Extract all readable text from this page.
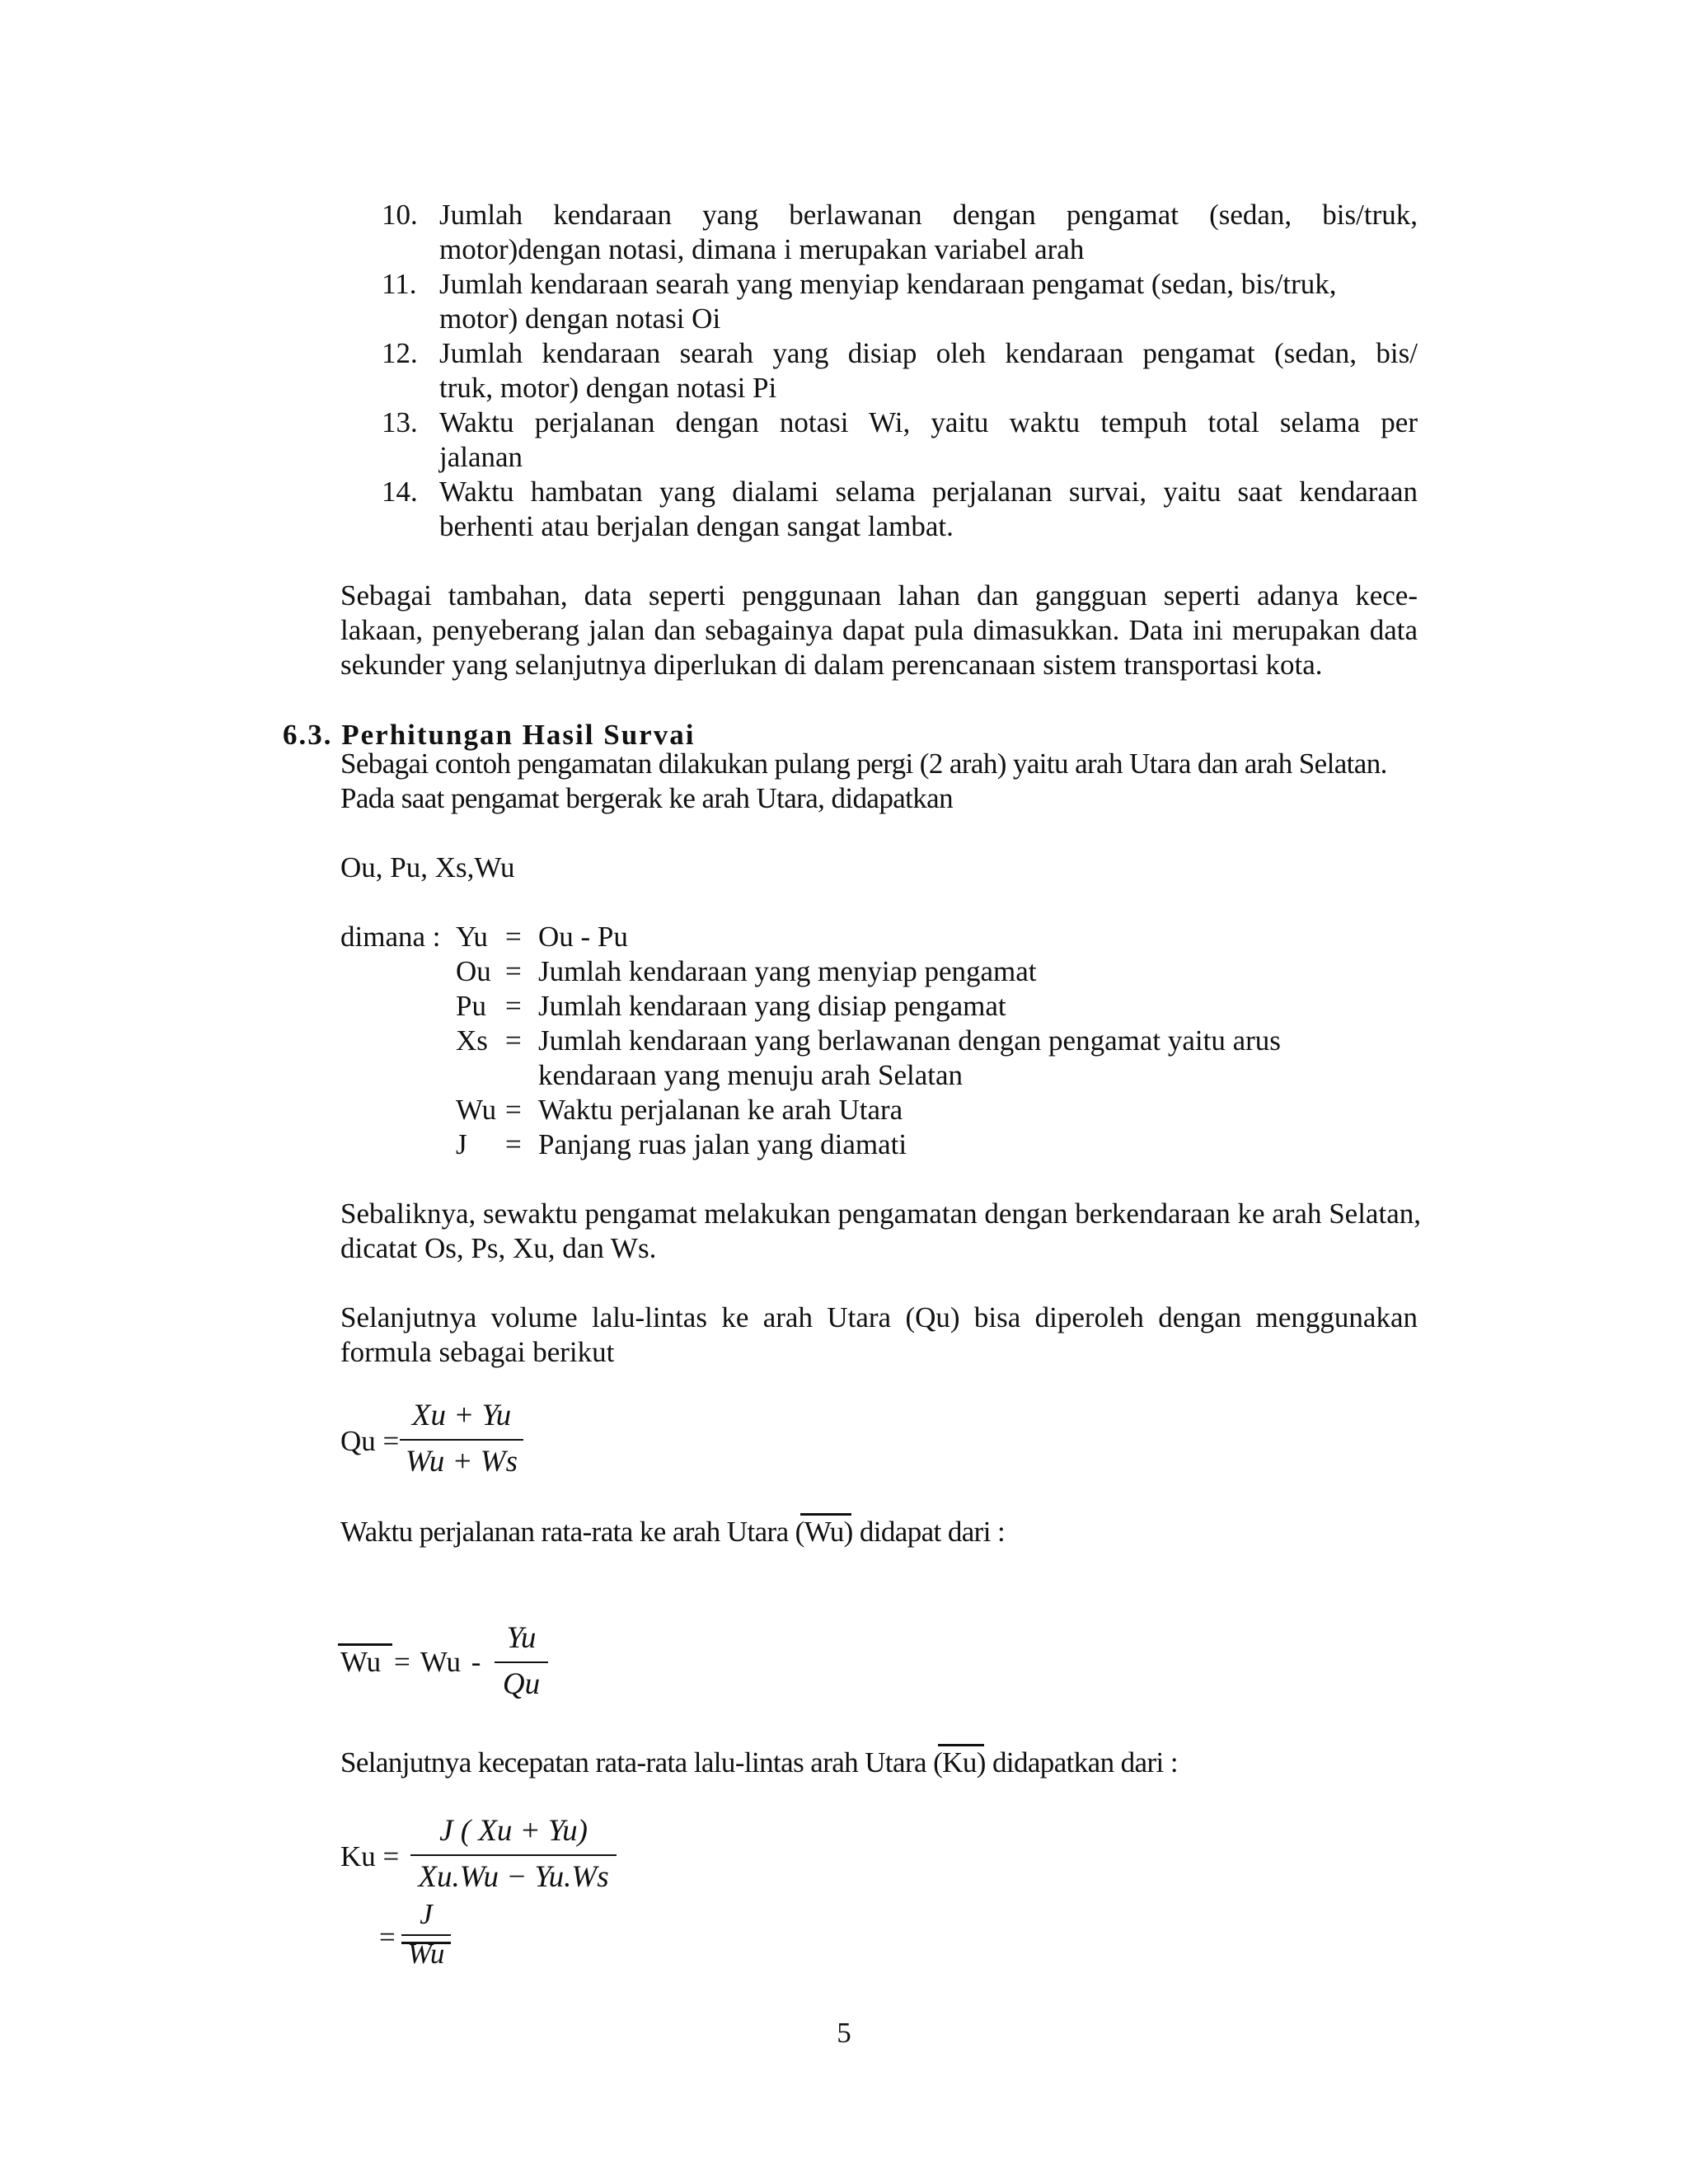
10. Jumlah kendaraan yang berlawanan dengan pengamat (sedan, bis/truk,
motor)dengan notasi, dimana i merupakan variabel arah
11. Jumlah kendaraan searah yang menyiap kendaraan pengamat (sedan, bis/truk,
motor) dengan notasi Oi
12. Jumlah kendaraan searah yang disiap oleh kendaraan pengamat (sedan, bis/
truk, motor) dengan notasi Pi
13. Waktu perjalanan dengan notasi Wi, yaitu waktu tempuh total selama per
jalanan
14. Waktu hambatan yang dialami selama perjalanan survai, yaitu saat kendaraan
berhenti atau berjalan dengan sangat lambat.
Sebagai tambahan, data seperti penggunaan lahan dan gangguan seperti adanya kece-
lakaan, penyeberang jalan dan sebagainya dapat pula dimasukkan. Data ini merupakan data
sekunder yang selanjutnya diperlukan di dalam perencanaan sistem transportasi kota.
6.3. Perhitungan Hasil Survai
Sebagai contoh pengamatan dilakukan pulang pergi (2 arah) yaitu arah Utara dan arah Selatan.
Pada saat pengamat bergerak ke arah Utara, didapatkan
Ou, Pu, Xs,Wu
dimana : Yu = Ou - Pu
Ou = Jumlah kendaraan yang menyiap pengamat
Pu = Jumlah kendaraan yang disiap pengamat
Xs = Jumlah kendaraan yang berlawanan dengan pengamat yaitu arus
kendaraan yang menuju arah Selatan
Wu = Waktu perjalanan ke arah Utara
J = Panjang ruas jalan yang diamati
Sebaliknya, sewaktu pengamat melakukan pengamatan dengan berkendaraan ke arah Selatan,
dicatat Os, Ps, Xu, dan Ws.
Selanjutnya volume lalu-lintas ke arah Utara (Qu) bisa diperoleh dengan menggunakan
formula sebagai berikut
Qu =
Xu + Yu
Wu + Ws
Waktu perjalanan rata-rata ke arah Utara
(Wu) didapat dari :
Wu = Wu -
Yu
Qu
Selanjutnya kecepatan rata-rata lalu-lintas arah Utara
(Ku) didapatkan dari :
Ku =
J ( Xu + Yu)
Xu.Wu − Yu.Ws
=
J
Wu
5
